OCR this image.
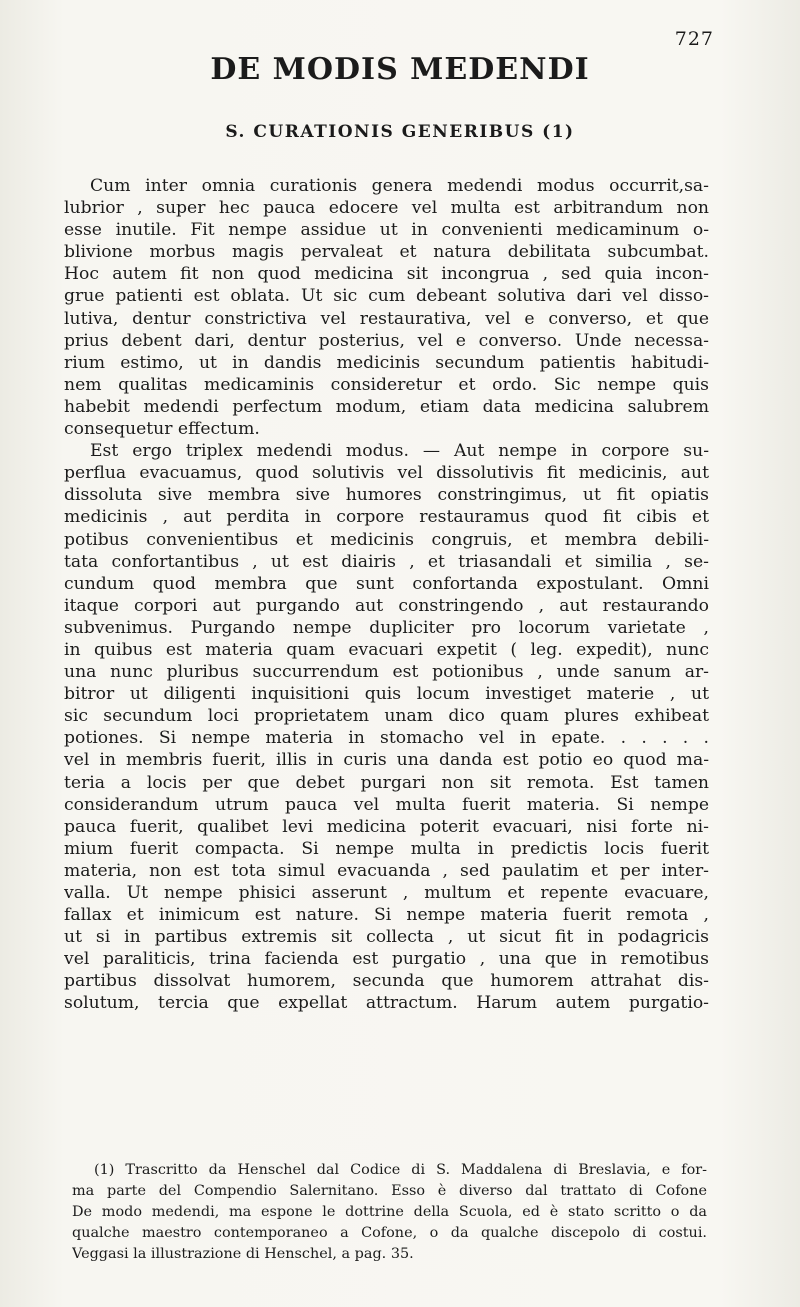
727
DE MODIS MEDENDI
S. CURATIONIS GENERIBUS (1)
Cum inter omnia curationis genera medendi modus occurrit,sa-
lubrior , super hec pauca edocere vel multa est arbitrandum non
esse inutile. Fit nempe assidue ut in convenienti medicaminum o-
blivione morbus magis pervaleat et natura debilitata subcumbat.
Hoc autem fit non quod medicina sit incongrua , sed quia incon-
grue patienti est oblata. Ut sic cum debeant solutiva dari vel disso-
lutiva, dentur constrictiva vel restaurativa, vel e converso, et que
prius debent dari, dentur posterius, vel e converso. Unde necessa-
rium estimo, ut in dandis medicinis secundum patientis habitudi-
nem qualitas medicaminis consideretur et ordo. Sic nempe quis
habebit medendi perfectum modum, etiam data medicina salubrem
consequetur effectum.
Est ergo triplex medendi modus. — Aut nempe in corpore su-
perflua evacuamus, quod solutivis vel dissolutivis fit medicinis, aut
dissoluta sive membra sive humores constringimus, ut fit opiatis
medicinis , aut perdita in corpore restauramus quod fit cibis et
potibus convenientibus et medicinis congruis, et membra debili-
tata confortantibus , ut est diairis , et triasandali et similia , se-
cundum quod membra que sunt confortanda expostulant. Omni
itaque corpori aut purgando aut constringendo , aut restaurando
subvenimus. Purgando nempe dupliciter pro locorum varietate ,
in quibus est materia quam evacuari expetit ( leg. expedit), nunc
una nunc pluribus succurrendum est potionibus , unde sanum ar-
bitror ut diligenti inquisitioni quis locum investiget materie , ut
sic secundum loci proprietatem unam dico quam plures exhibeat
potiones. Si nempe materia in stomacho vel in epate. . . . . .
vel in membris fuerit, illis in curis una danda est potio eo quod ma-
teria a locis per que debet purgari non sit remota. Est tamen
considerandum utrum pauca vel multa fuerit materia. Si nempe
pauca fuerit, qualibet levi medicina poterit evacuari, nisi forte ni-
mium fuerit compacta. Si nempe multa in predictis locis fuerit
materia, non est tota simul evacuanda , sed paulatim et per inter-
valla. Ut nempe phisici asserunt , multum et repente evacuare,
fallax et inimicum est nature. Si nempe materia fuerit remota ,
ut si in partibus extremis sit collecta , ut sicut fit in podagricis
vel paraliticis, trina facienda est purgatio , una que in remotibus
partibus dissolvat humorem, secunda que humorem attrahat dis-
solutum, tercia que expellat attractum. Harum autem purgatio-
(1) Trascritto da Henschel dal Codice di S. Maddalena di Breslavia, e for-
ma parte del Compendio Salernitano. Esso è diverso dal trattato di Cofone
De modo medendi, ma espone le dottrine della Scuola, ed è stato scritto o da
qualche maestro contemporaneo a Cofone, o da qualche discepolo di costui.
Veggasi la illustrazione di Henschel, a pag. 35.
